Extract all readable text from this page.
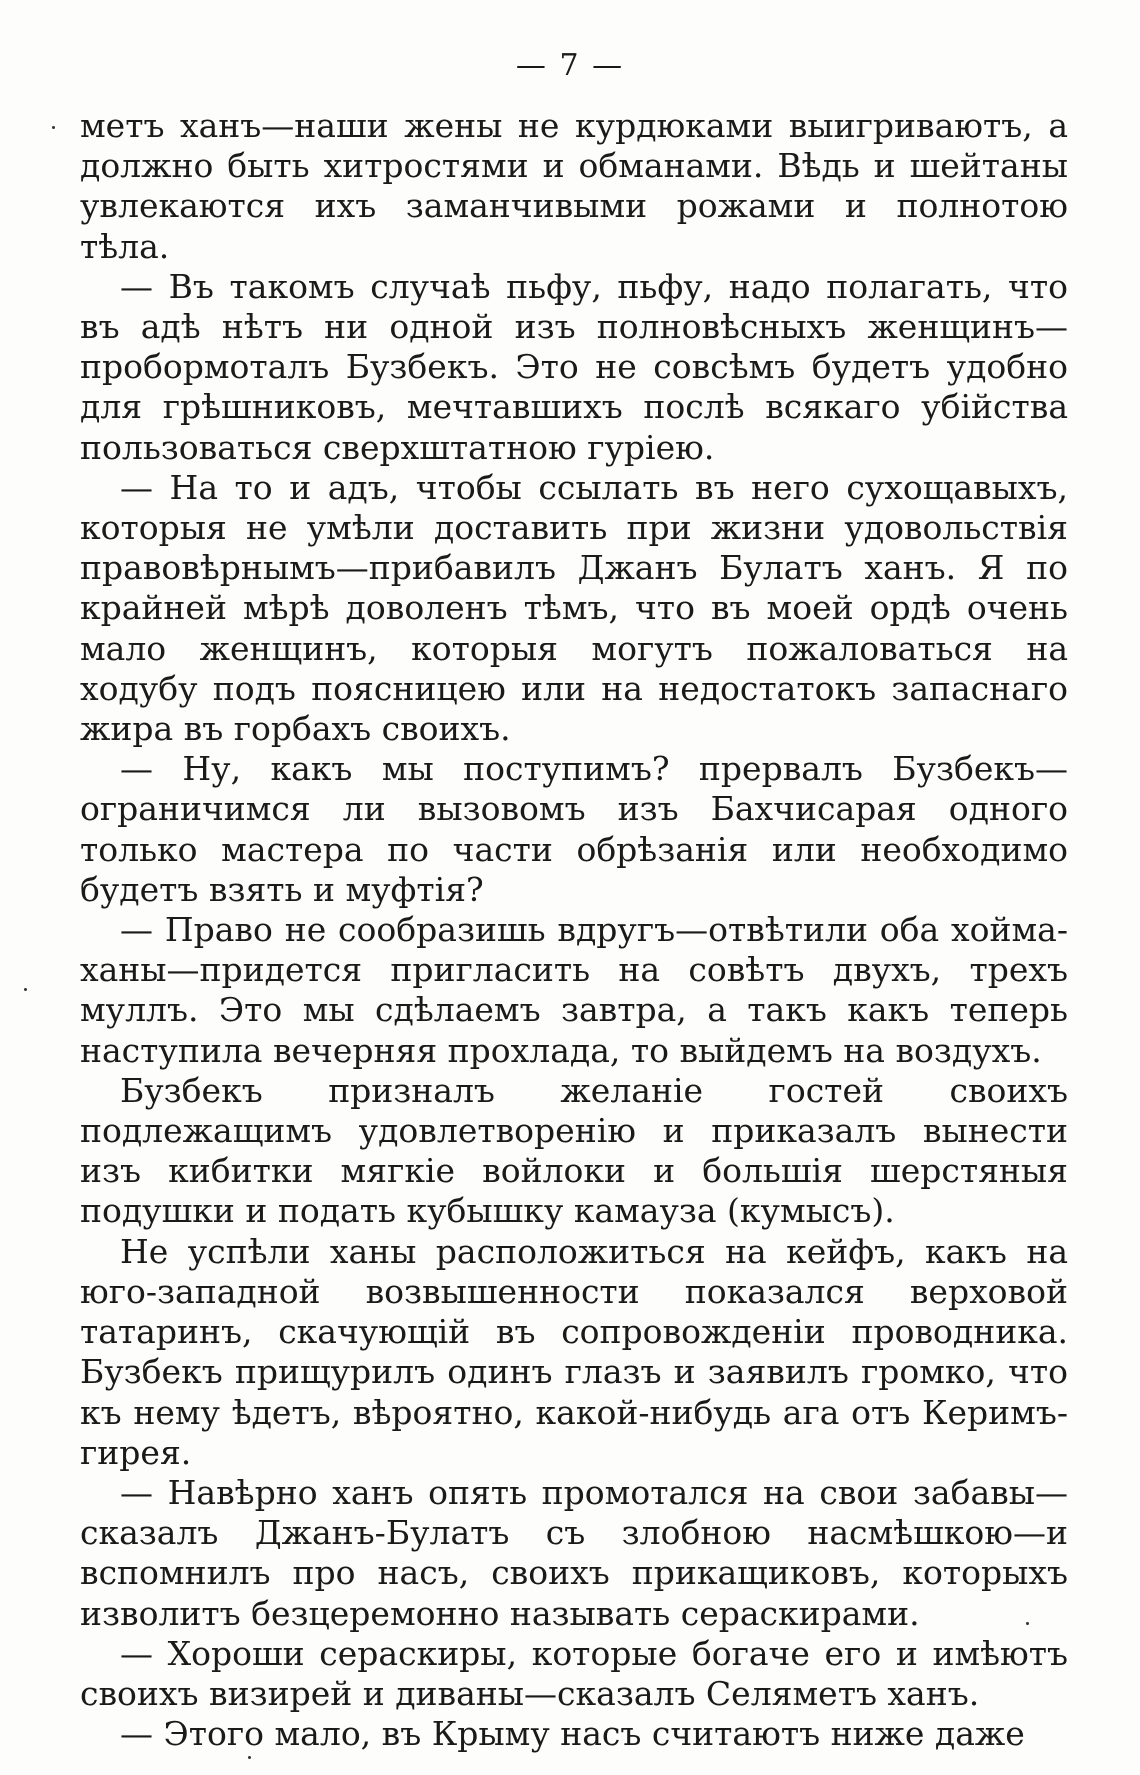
— 7 —

метъ ханъ—наши жены не курдюками выигриваютъ, а должно быть хитростями и обманами. Вѣдь и шейтаны увлекаются ихъ заманчивыми рожами и полнотою тѣла.

— Въ такомъ случаѣ пьфу, пьфу, надо полагать, что въ адѣ нѣтъ ни одной изъ полновѣсныхъ женщинъ—пробормоталъ Бузбекъ. Это не совсѣмъ будетъ удобно для грѣшниковъ, мечтавшихъ послѣ всякаго убійства пользоваться сверхштатною гуріею.

— На то и адъ, чтобы ссылать въ него сухощавыхъ, которыя не умѣли доставить при жизни удовольствія правовѣрнымъ—прибавилъ Джанъ Булатъ ханъ. Я по крайней мѣрѣ доволенъ тѣмъ, что въ моей ордѣ очень мало женщинъ, которыя могутъ пожаловаться на ходубу подъ поясницею или на недостатокъ запаснаго жира въ горбахъ своихъ.

— Ну, какъ мы поступимъ? прервалъ Бузбекъ—ограничимся ли вызовомъ изъ Бахчисарая одного только мастера по части обрѣзанія или необходимо будетъ взять и муфтія?

— Право не сообразишь вдругъ—отвѣтили оба хойма-ханы—придется пригласить на совѣтъ двухъ, трехъ муллъ. Это мы сдѣлаемъ завтра, а такъ какъ теперь наступила вечерняя прохлада, то выйдемъ на воздухъ.

Бузбекъ призналъ желаніе гостей своихъ подлежащимъ удовлетворенію и приказалъ вынести изъ кибитки мягкіе войлоки и большія шерстяныя подушки и подать кубышку камауза (кумысъ).

Не успѣли ханы расположиться на кейфъ, какъ на юго-западной возвышенности показался верховой татаринъ, скачующій въ сопровожденіи проводника. Бузбекъ прищурилъ одинъ глазъ и заявилъ громко, что къ нему ѣдетъ, вѣроятно, какой-нибудь ага отъ Керимъ-гирея.

— Навѣрно ханъ опять промотался на свои забавы—сказалъ Джанъ-Булатъ съ злобною насмѣшкою—и вспомнилъ про насъ, своихъ прикащиковъ, которыхъ изволитъ безцеремонно называть сераскирами.

— Хороши сераскиры, которые богаче его и имѣютъ своихъ визирей и диваны—сказалъ Селяметъ ханъ.

— Этого мало, въ Крыму насъ считаютъ ниже даже
